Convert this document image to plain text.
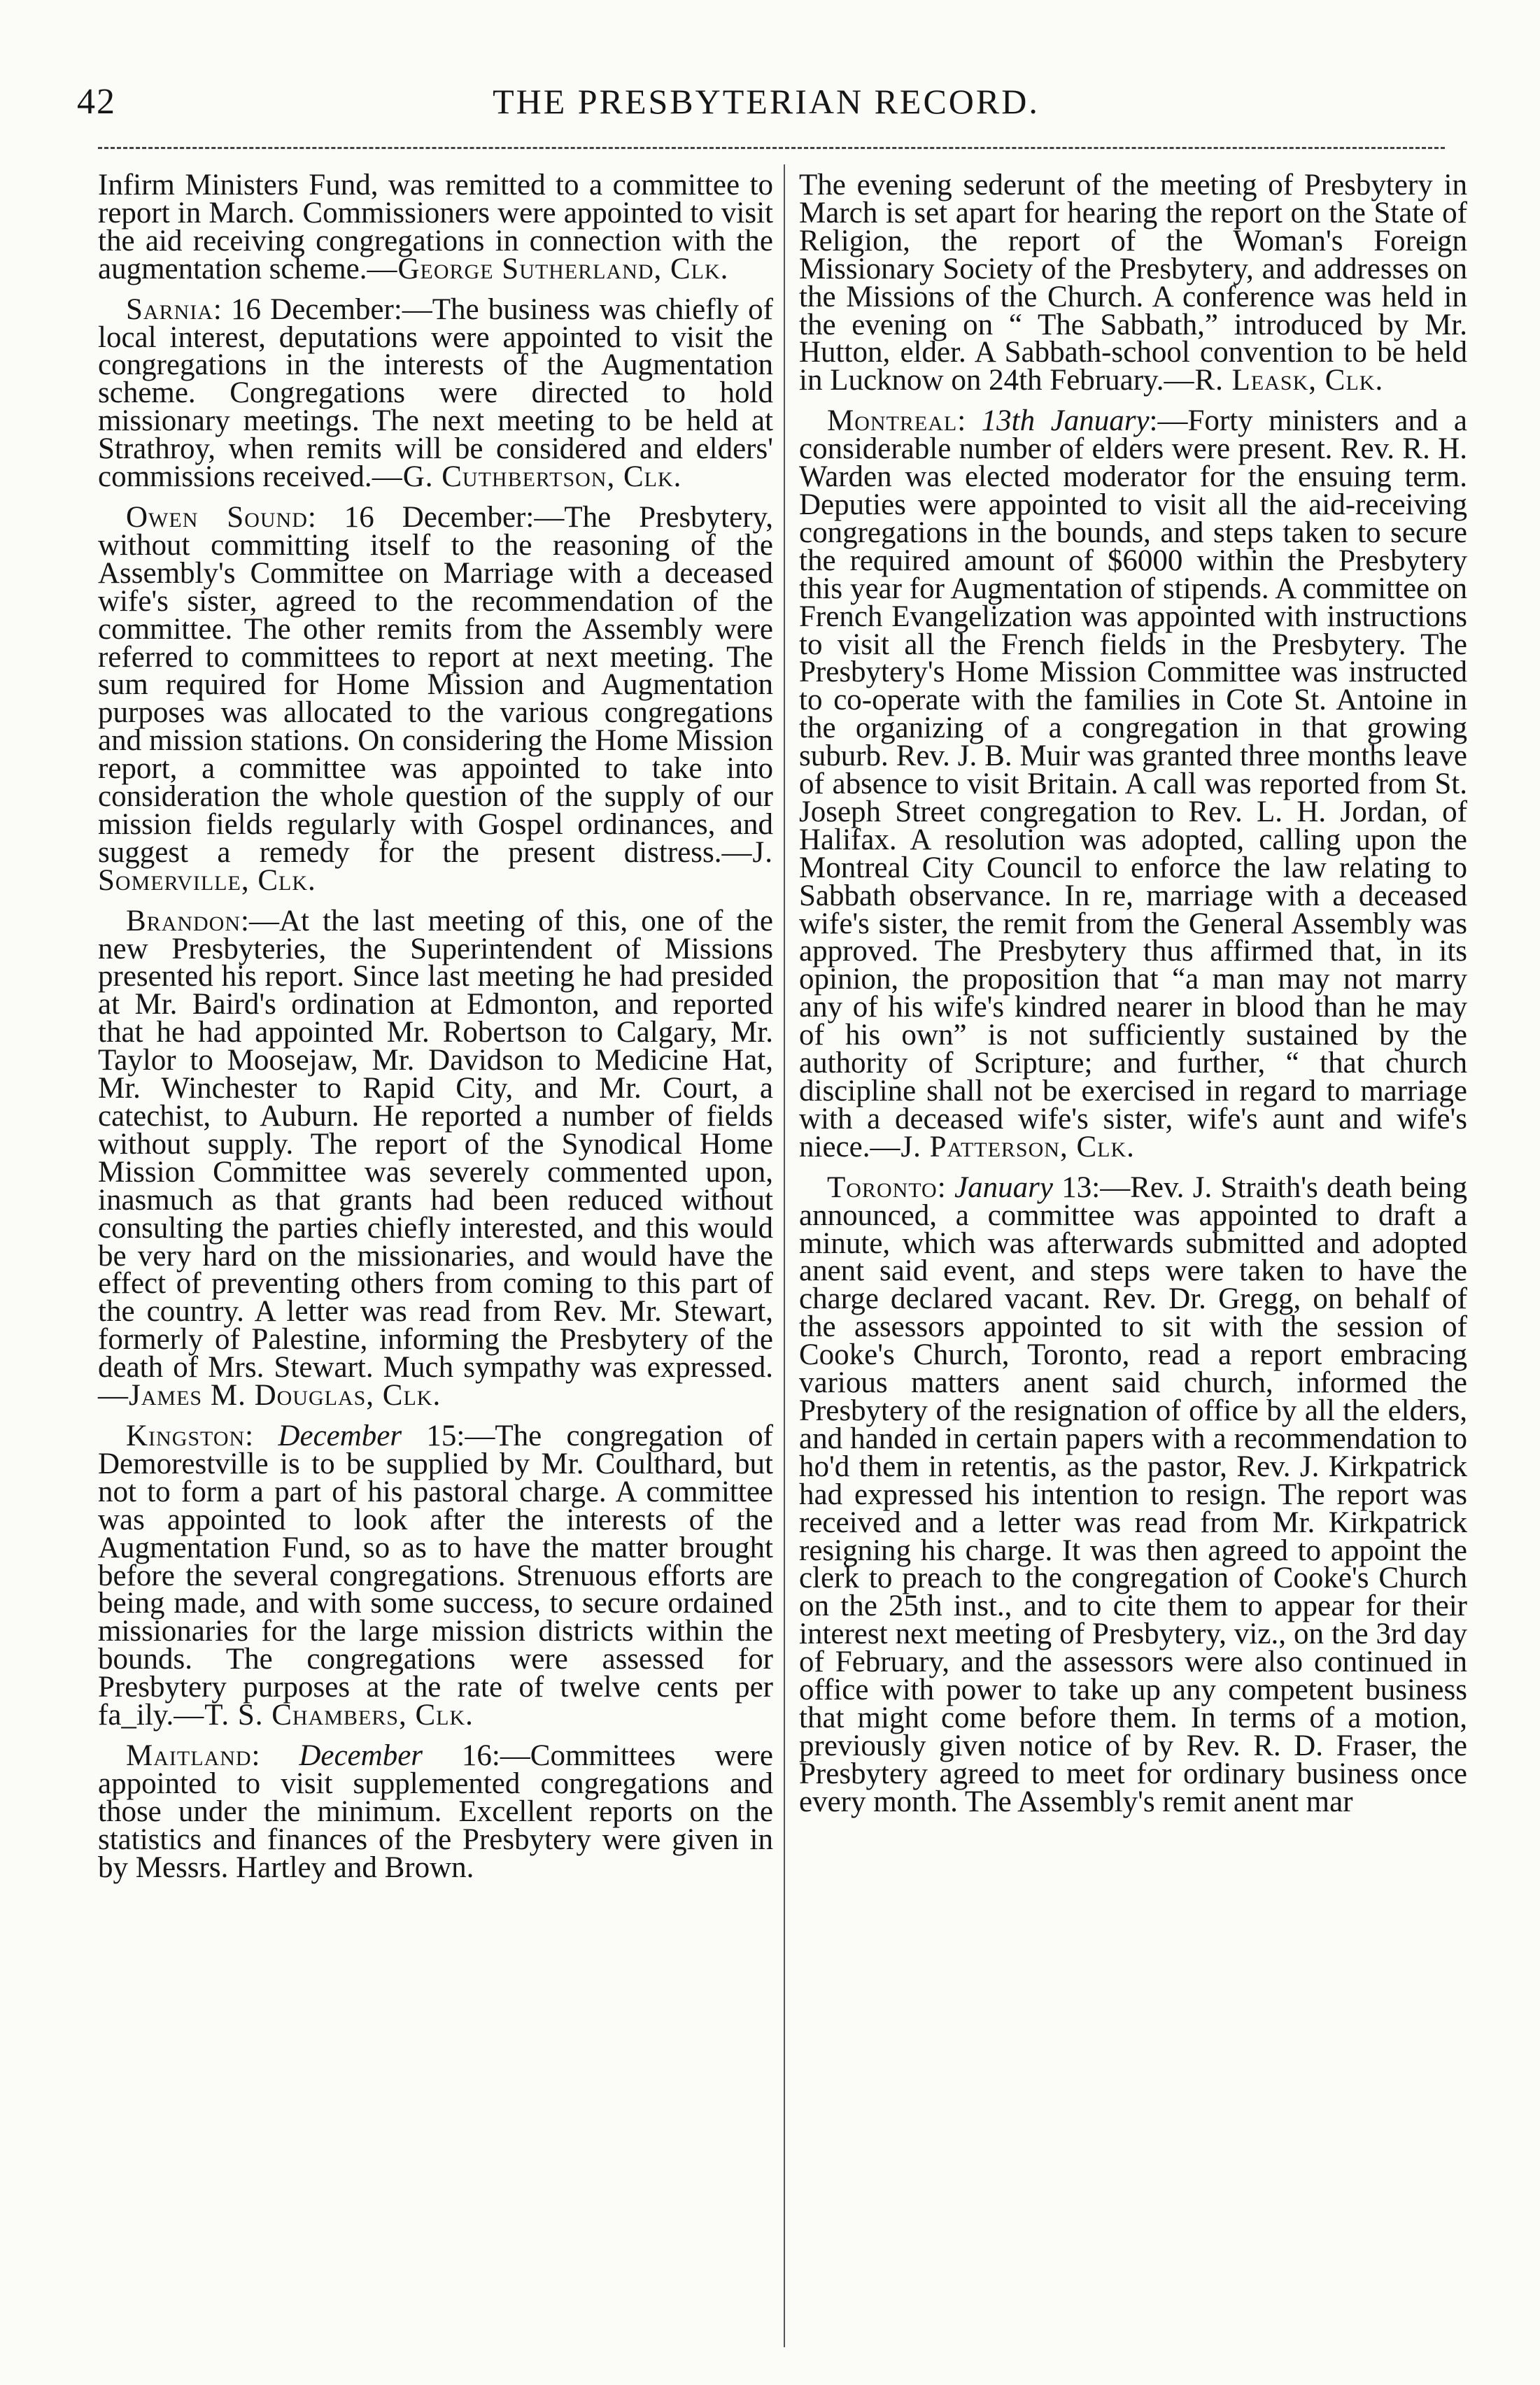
42	THE PRESBYTERIAN RECORD.

Infirm Ministers Fund, was remitted to a committee to report in March. Commissioners were appointed to visit the aid receiving congregations in connection with the augmentation scheme.—George Sutherland, Clk.

Sarnia: 16 December:—The business was chiefly of local interest, deputations were appointed to visit the congregations in the interests of the Augmentation scheme. Congregations were directed to hold missionary meetings. The next meeting to be held at Strathroy, when remits will be considered and elders' commissions received.—G. Cuthbertson, Clk.

Owen Sound: 16 December:—The Presbytery, without committing itself to the reasoning of the Assembly's Committee on Marriage with a deceased wife's sister, agreed to the recommendation of the committee. The other remits from the Assembly were referred to committees to report at next meeting. The sum required for Home Mission and Augmentation purposes was allocated to the various congregations and mission stations. On considering the Home Mission report, a committee was appointed to take into consideration the whole question of the supply of our mission fields regularly with Gospel ordinances, and suggest a remedy for the present distress.—J. Somerville, Clk.

Brandon:—At the last meeting of this, one of the new Presbyteries, the Superintendent of Missions presented his report. Since last meeting he had presided at Mr. Baird's ordination at Edmonton, and reported that he had appointed Mr. Robertson to Calgary, Mr. Taylor to Moosejaw, Mr. Davidson to Medicine Hat, Mr. Winchester to Rapid City, and Mr. Court, a catechist, to Auburn. He reported a number of fields without supply. The report of the Synodical Home Mission Committee was severely commented upon, inasmuch as that grants had been reduced without consulting the parties chiefly interested, and this would be very hard on the missionaries, and would have the effect of preventing others from coming to this part of the country. A letter was read from Rev. Mr. Stewart, formerly of Palestine, informing the Presbytery of the death of Mrs. Stewart. Much sympathy was expressed.—James M. Douglas, Clk.

Kingston: December 15:—The congregation of Demorestville is to be supplied by Mr. Coulthard, but not to form a part of his pastoral charge. A committee was appointed to look after the interests of the Augmentation Fund, so as to have the matter brought before the several congregations. Strenuous efforts are being made, and with some success, to secure ordained missionaries for the large mission districts within the bounds. The congregations were assessed for Presbytery purposes at the rate of twelve cents per fa_ily.—T. S. Chambers, Clk.

Maitland: December 16:—Committees were appointed to visit supplemented congregations and those under the minimum. Excellent reports on the statistics and finances of the Presbytery were given in by Messrs. Hartley and Brown.

The evening sederunt of the meeting of Presbytery in March is set apart for hearing the report on the State of Religion, the report of the Woman's Foreign Missionary Society of the Presbytery, and addresses on the Missions of the Church. A conference was held in the evening on “ The Sabbath,” introduced by Mr. Hutton, elder. A Sabbath-school convention to be held in Lucknow on 24th February.—R. Leask, Clk.

Montreal: 13th January:—Forty ministers and a considerable number of elders were present. Rev. R. H. Warden was elected moderator for the ensuing term. Deputies were appointed to visit all the aid-receiving congregations in the bounds, and steps taken to secure the required amount of $6000 within the Presbytery this year for Augmentation of stipends. A committee on French Evangelization was appointed with instructions to visit all the French fields in the Presbytery. The Presbytery's Home Mission Committee was instructed to co-operate with the families in Cote St. Antoine in the organizing of a congregation in that growing suburb. Rev. J. B. Muir was granted three months leave of absence to visit Britain. A call was reported from St. Joseph Street congregation to Rev. L. H. Jordan, of Halifax. A resolution was adopted, calling upon the Montreal City Council to enforce the law relating to Sabbath observance. In re, marriage with a deceased wife's sister, the remit from the General Assembly was approved. The Presbytery thus affirmed that, in its opinion, the proposition that “a man may not marry any of his wife's kindred nearer in blood than he may of his own” is not sufficiently sustained by the authority of Scripture; and further, “ that church discipline shall not be exercised in regard to marriage with a deceased wife's sister, wife's aunt and wife's niece.—J. Patterson, Clk.

Toronto: January 13:—Rev. J. Straith's death being announced, a committee was appointed to draft a minute, which was afterwards submitted and adopted anent said event, and steps were taken to have the charge declared vacant. Rev. Dr. Gregg, on behalf of the assessors appointed to sit with the session of Cooke's Church, Toronto, read a report embracing various matters anent said church, informed the Presbytery of the resignation of office by all the elders, and handed in certain papers with a recommendation to ho'd them in retentis, as the pastor, Rev. J. Kirkpatrick had expressed his intention to resign. The report was received and a letter was read from Mr. Kirkpatrick resigning his charge. It was then agreed to appoint the clerk to preach to the congregation of Cooke's Church on the 25th inst., and to cite them to appear for their interest next meeting of Presbytery, viz., on the 3rd day of February, and the assessors were also continued in office with power to take up any competent business that might come before them. In terms of a motion, previously given notice of by Rev. R. D. Fraser, the Presbytery agreed to meet for ordinary business once every month. The Assembly's remit anent mar
